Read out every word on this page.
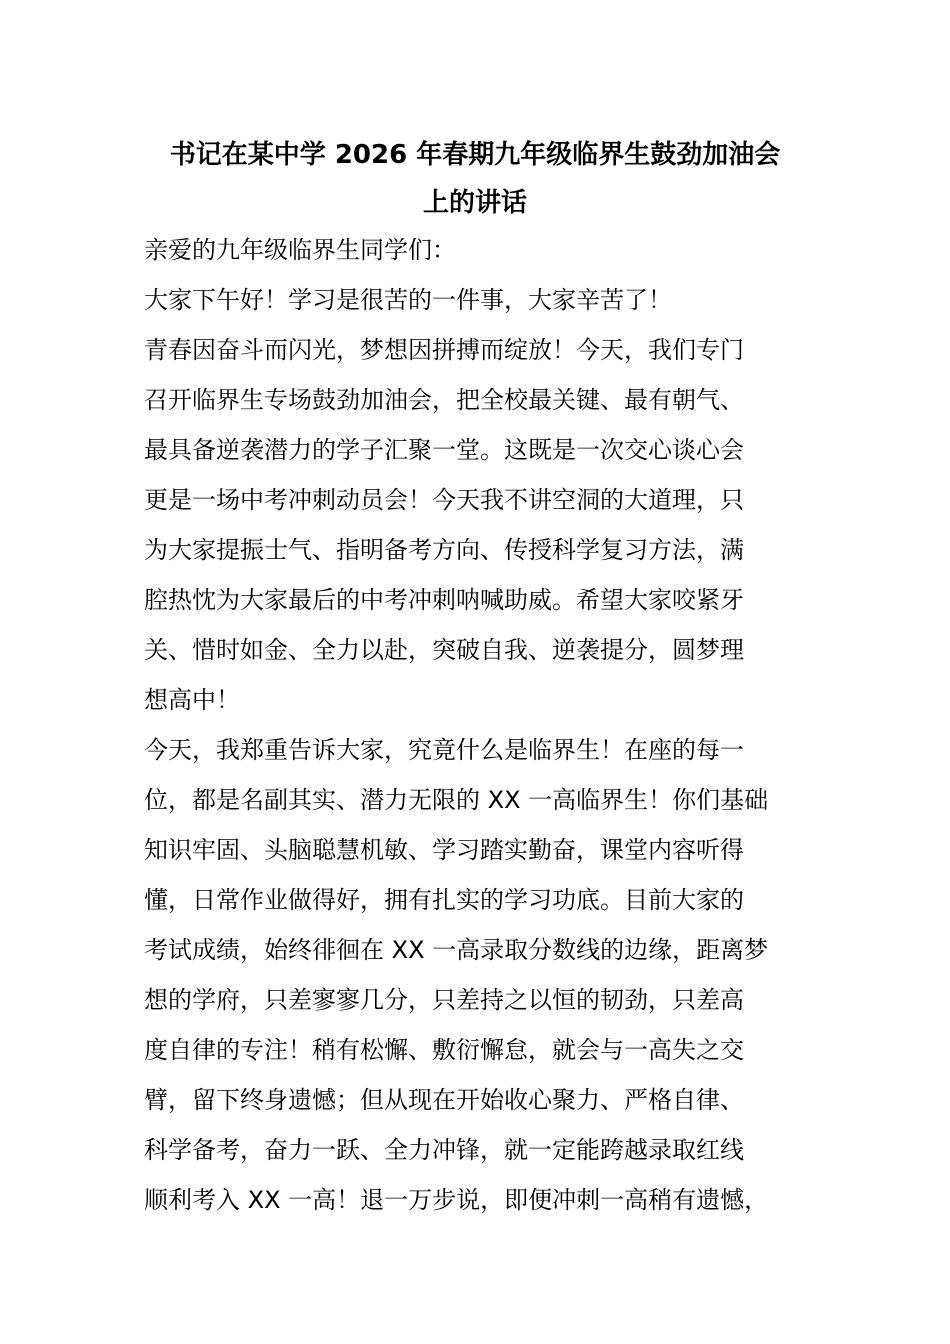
书记在某中学 2026 年春期九年级临界生鼓劲加油会
上的讲话
亲爱的九年级临界生同学们：
大家下午好！学习是很苦的一件事，大家辛苦了！
青春因奋斗而闪光，梦想因拼搏而绽放！今天，我们专门
召开临界生专场鼓劲加油会，把全校最关键、最有朝气、
最具备逆袭潜力的学子汇聚一堂。这既是一次交心谈心会
更是一场中考冲刺动员会！今天我不讲空洞的大道理，只
为大家提振士气、指明备考方向、传授科学复习方法，满
腔热忱为大家最后的中考冲刺呐喊助威。希望大家咬紧牙
关、惜时如金、全力以赴，突破自我、逆袭提分，圆梦理
想高中！
今天，我郑重告诉大家，究竟什么是临界生！在座的每一
位，都是名副其实、潜力无限的 XX 一高临界生！你们基础
知识牢固、头脑聪慧机敏、学习踏实勤奋，课堂内容听得
懂，日常作业做得好，拥有扎实的学习功底。目前大家的
考试成绩，始终徘徊在 XX 一高录取分数线的边缘，距离梦
想的学府，只差寥寥几分，只差持之以恒的韧劲，只差高
度自律的专注！稍有松懈、敷衍懈怠，就会与一高失之交
臂，留下终身遗憾；但从现在开始收心聚力、严格自律、
科学备考，奋力一跃、全力冲锋，就一定能跨越录取红线
顺利考入 XX 一高！退一万步说，即便冲刺一高稍有遗憾，
